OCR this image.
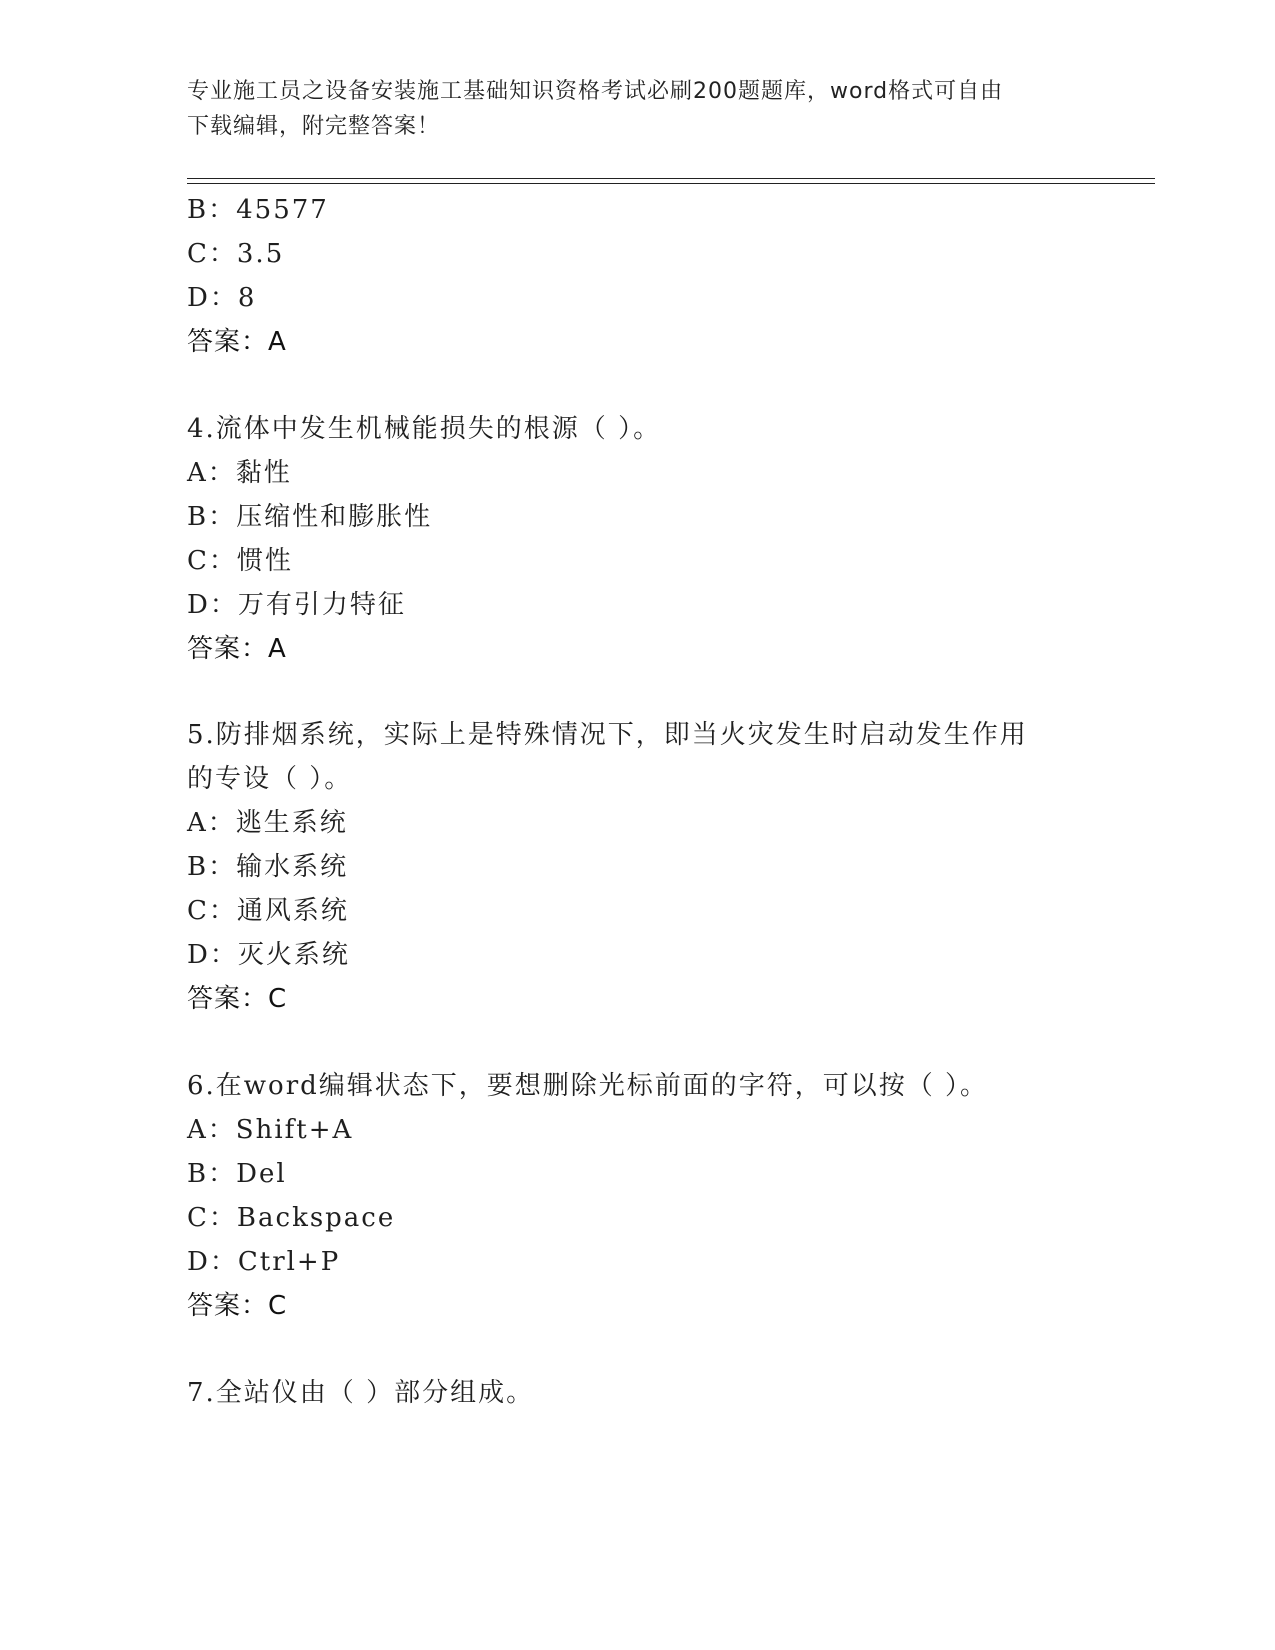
专业施工员之设备安装施工基础知识资格考试必刷200题题库，word格式可自由
下载编辑，附完整答案！
B：45577
C：3.5
D：8
答案：A
4.流体中发生机械能损失的根源（ ）。
A：黏性
B：压缩性和膨胀性
C：惯性
D：万有引力特征
答案：A
5.防排烟系统，实际上是特殊情况下，即当火灾发生时启动发生作用
的专设（ ）。
A：逃生系统
B：输水系统
C：通风系统
D：灭火系统
答案：C
6.在word编辑状态下，要想删除光标前面的字符，可以按（ ）。
A：Shift+A
B：Del
C：Backspace
D：Ctrl+P
答案：C
7.全站仪由（ ）部分组成。
